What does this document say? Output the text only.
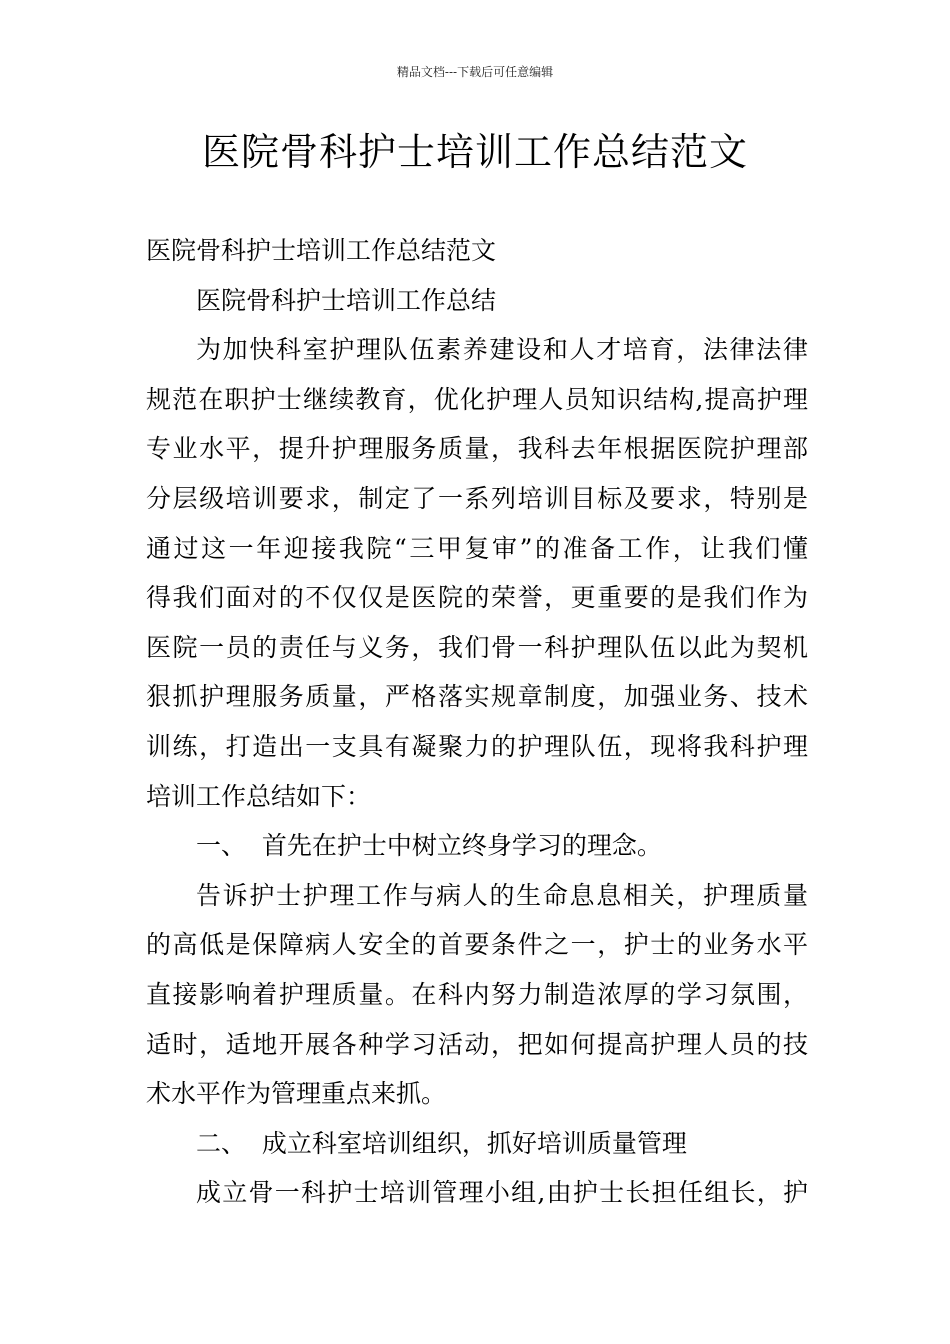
精品文档---下载后可任意编辑
医院骨科护士培训工作总结范文
医院骨科护士培训工作总结范文
医院骨科护士培训工作总结
为加快科室护理队伍素养建设和人才培育，法律法律
规范在职护士继续教育，优化护理人员知识结构,提高护理
专业水平，提升护理服务质量，我科去年根据医院护理部
分层级培训要求，制定了一系列培训目标及要求，特别是
通过这一年迎接我院“三甲复审”的准备工作，让我们懂
得我们面对的不仅仅是医院的荣誉，更重要的是我们作为
医院一员的责任与义务，我们骨一科护理队伍以此为契机
狠抓护理服务质量，严格落实规章制度，加强业务、技术
训练，打造出一支具有凝聚力的护理队伍，现将我科护理
培训工作总结如下：
一、  首先在护士中树立终身学习的理念。
告诉护士护理工作与病人的生命息息相关，护理质量
的高低是保障病人安全的首要条件之一，护士的业务水平
直接影响着护理质量。在科内努力制造浓厚的学习氛围，
适时，适地开展各种学习活动，把如何提高护理人员的技
术水平作为管理重点来抓。
二、  成立科室培训组织，抓好培训质量管理
成立骨一科护士培训管理小组,由护士长担任组长，护
